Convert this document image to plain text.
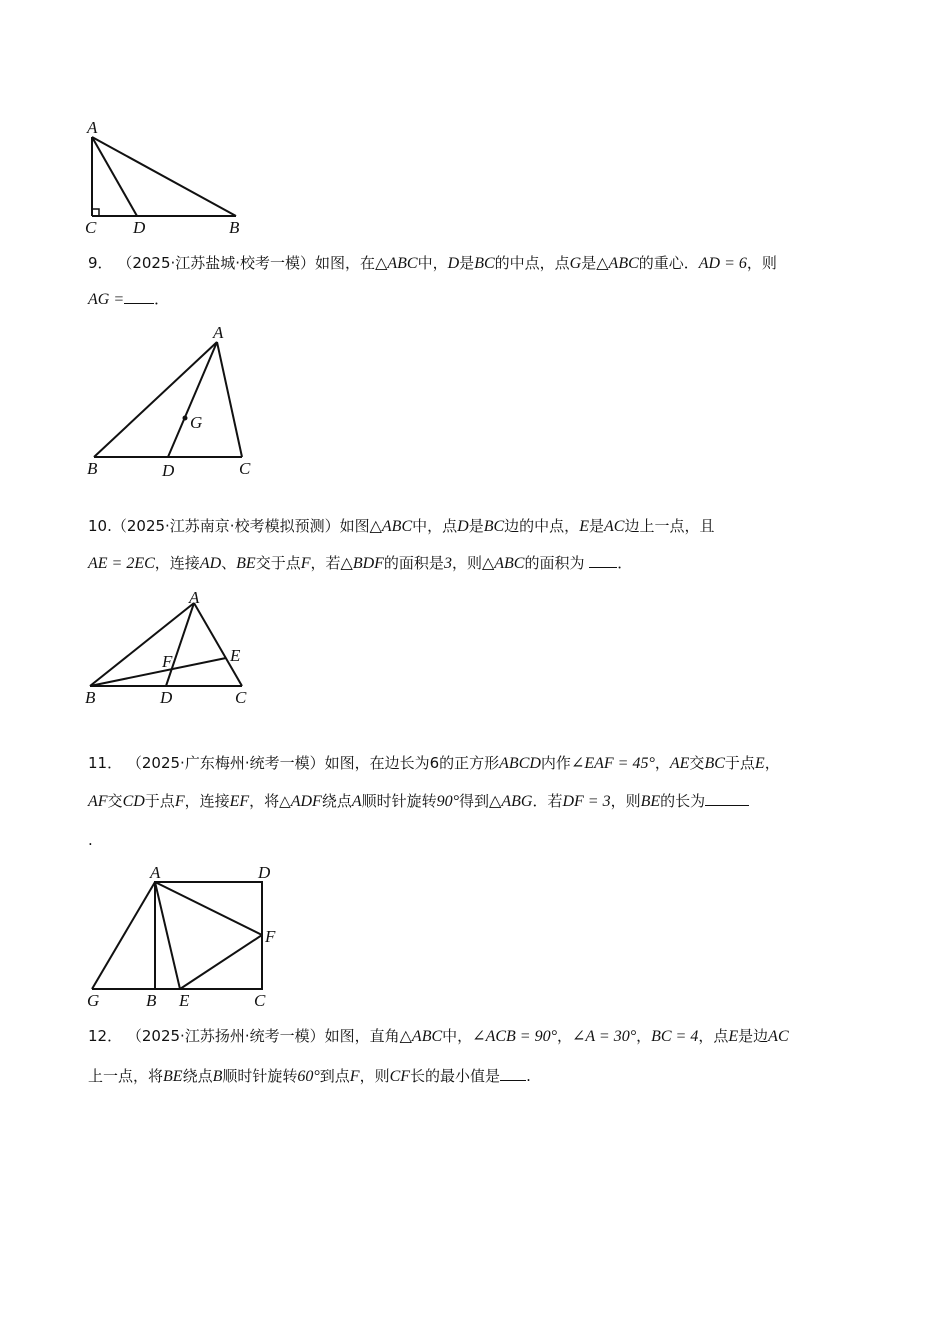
A
C D	B
9． （2025·江苏盐城·校考一模）如图，在△ABC中，D是BC的中点，点G是△ABC的重心．AD = 6，则
AG = ．
A
G
B	D	C
10.（2025·江苏南京·校考模拟预测）如图△ABC中，点D是BC边的中点，E是AC边上一点，且
AE = 2EC，连接AD、BE交于点F，若△BDF的面积是3，则△ABC的面积为 ．
A
F	E
B	D	C
11． （2025·广东梅州·统考一模）如图，在边长为6的正方形ABCD内作∠EAF = 45°，AE交BC于点E，
AF交CD于点F，连接EF，将△ADF绕点A顺时针旋转90°得到△ABG．若DF = 3，则BE的长为
.
A	D
F
G	B E	C
12． （2025·江苏扬州·统考一模）如图，直角△ABC中，∠ACB = 90°，∠A = 30°，BC = 4，点E是边AC
上一点，将BE绕点B顺时针旋转60°到点F，则CF长的最小值是 .
